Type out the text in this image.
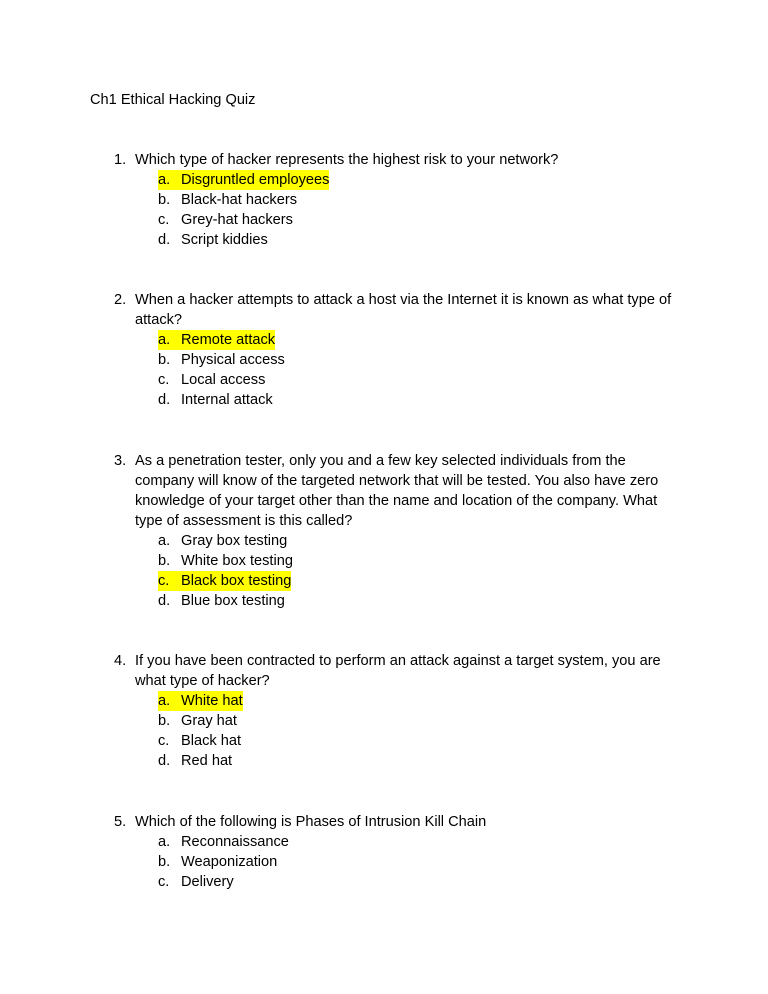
Ch1 Ethical Hacking Quiz
1. Which type of hacker represents the highest risk to your network?
a. Disgruntled employees
b. Black-hat hackers
c. Grey-hat hackers
d. Script kiddies
2. When a hacker attempts to attack a host via the Internet it is known as what type of attack?
a. Remote attack
b. Physical access
c. Local access
d. Internal attack
3. As a penetration tester, only you and a few key selected individuals from the company will know of the targeted network that will be tested. You also have zero knowledge of your target other than the name and location of the company. What type of assessment is this called?
a. Gray box testing
b. White box testing
c. Black box testing
d. Blue box testing
4. If you have been contracted to perform an attack against a target system, you are what type of hacker?
a. White hat
b. Gray hat
c. Black hat
d. Red hat
5. Which of the following is Phases of Intrusion Kill Chain
a. Reconnaissance
b. Weaponization
c. Delivery
